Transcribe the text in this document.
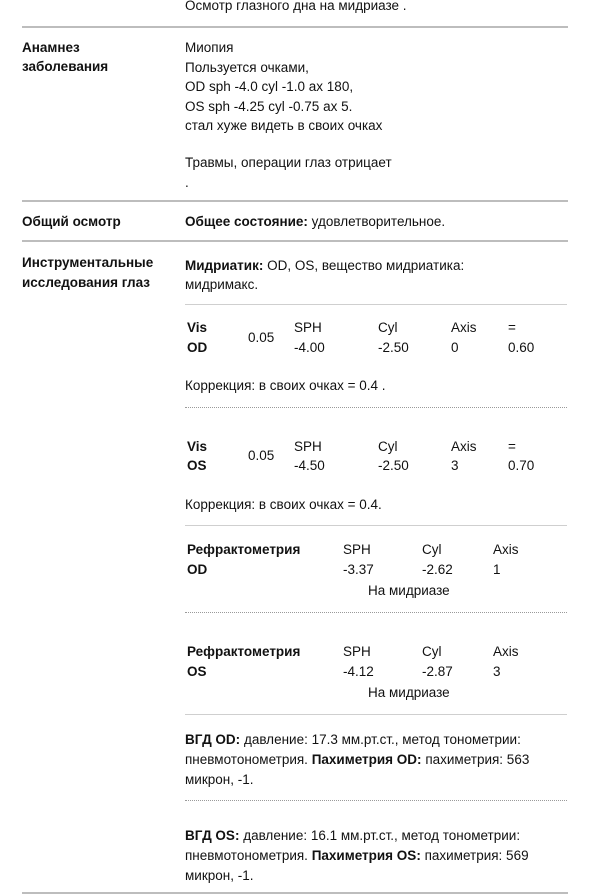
Осмотр глазного дна на мидриазе .
Анамнез
заболевания
Миопия
Пользуется очками,
OD sph -4.0 cyl -1.0 ax 180,
OS sph -4.25 cyl -0.75 ax 5.
стал хуже видеть в своих очках
Травмы, операции глаз отрицает
.
Общий осмотр	Общее состояние: удовлетворительное.
Инструментальные
исследования глаз
Мидриатик: OD, OS, вещество мидриатика:
мидримакс.
Vis
OD
0.05
SPH
-4.00
Cyl
-2.50
Axis
0
=
0.60
Коррекция: в своих очках = 0.4 .
Vis
OS
0.05
SPH
-4.50
Cyl
-2.50
Axis
3
=
0.70
Коррекция: в своих очках = 0.4.
Рефрактометрия
OD
SPH
-3.37
Cyl
-2.62
Axis
1
На мидриазе
Рефрактометрия
OS
SPH
-4.12
Cyl
-2.87
Axis
3
На мидриазе
ВГД OD: давление: 17.3 мм.рт.ст., метод тонометрии: пневмотонометрия. Пахиметрия OD: пахиметрия: 563 микрон, -1.
ВГД OS: давление: 16.1 мм.рт.ст., метод тонометрии: пневмотонометрия. Пахиметрия OS: пахиметрия: 569 микрон, -1.
